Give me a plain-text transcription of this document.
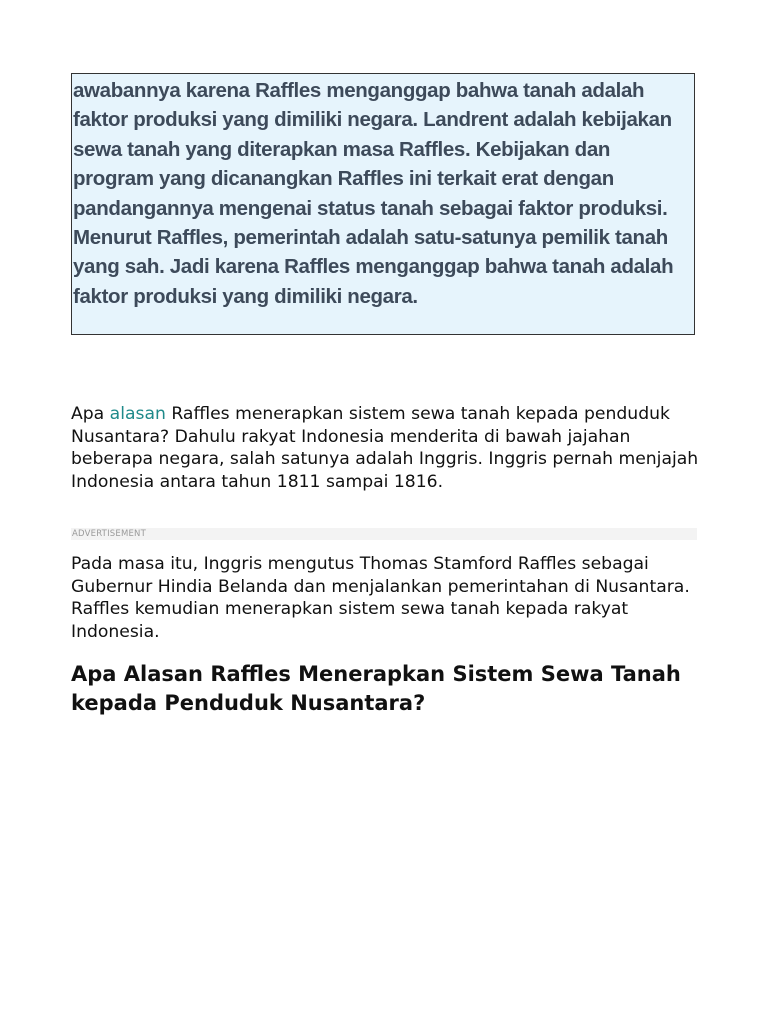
awabannya karena Raffles menganggap bahwa tanah adalah faktor produksi yang dimiliki negara. Landrent adalah kebijakan sewa tanah yang diterapkan masa Raffles. Kebijakan dan program yang dicanangkan Raffles ini terkait erat dengan pandangannya mengenai status tanah sebagai faktor produksi. Menurut Raffles, pemerintah adalah satu-satunya pemilik tanah yang sah. Jadi karena Raffles menganggap bahwa tanah adalah faktor produksi yang dimiliki negara.

Apa alasan Raffles menerapkan sistem sewa tanah kepada penduduk Nusantara? Dahulu rakyat Indonesia menderita di bawah jajahan beberapa negara, salah satunya adalah Inggris. Inggris pernah menjajah Indonesia antara tahun 1811 sampai 1816.

ADVERTISEMENT

Pada masa itu, Inggris mengutus Thomas Stamford Raffles sebagai Gubernur Hindia Belanda dan menjalankan pemerintahan di Nusantara. Raffles kemudian menerapkan sistem sewa tanah kepada rakyat Indonesia.

Apa Alasan Raffles Menerapkan Sistem Sewa Tanah kepada Penduduk Nusantara?
